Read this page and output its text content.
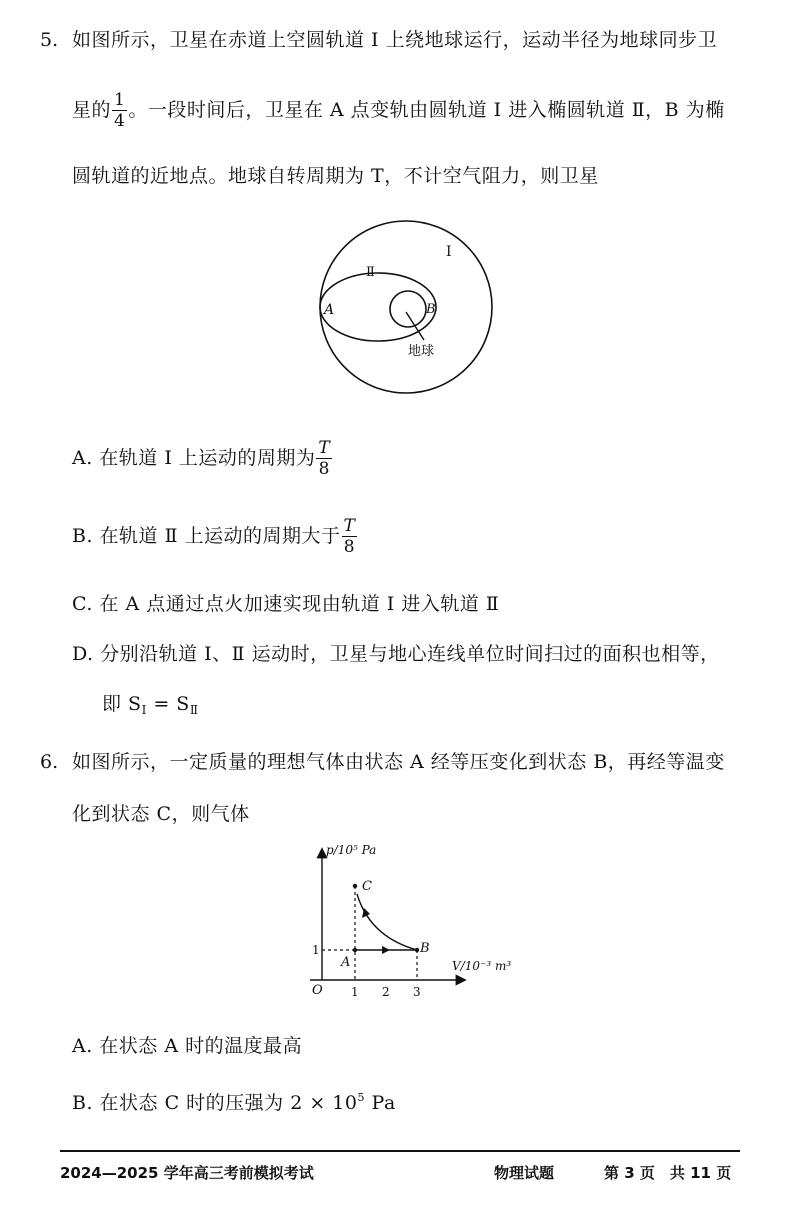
5. 如图所示，卫星在赤道上空圆轨道 Ⅰ 上绕地球运行，运动半径为地球同步卫
星的 $\frac{1}{4}$ 。一段时间后，卫星在 A 点变轨由圆轨道 Ⅰ 进入椭圆轨道 Ⅱ，B 为椭
圆轨道的近地点。地球自转周期为 T，不计空气阻力，则卫星
Ⅰ
Ⅱ
A	B
地球
A. 在轨道 Ⅰ 上运动的周期为 $\frac{T}{8}$
B. 在轨道 Ⅱ 上运动的周期大于 $\frac{T}{8}$
C. 在 A 点通过点火加速实现由轨道 Ⅰ 进入轨道 Ⅱ
D. 分别沿轨道 Ⅰ、Ⅱ 运动时，卫星与地心连线单位时间扫过的面积也相等，
即 $S_Ⅰ = S_Ⅱ$
6. 如图所示，一定质量的理想气体由状态 A 经等压变化到状态 B，再经等温变
化到状态 C，则气体
p/10⁵ Pa
V/10⁻³ m³
O
1
1 2 3
A
B
C
A. 在状态 A 时的温度最高
B. 在状态 C 时的压强为 $2 \times 10^5$ Pa
2024—2025 学年高三考前模拟考试	物理试题	第 3 页　共 11 页
